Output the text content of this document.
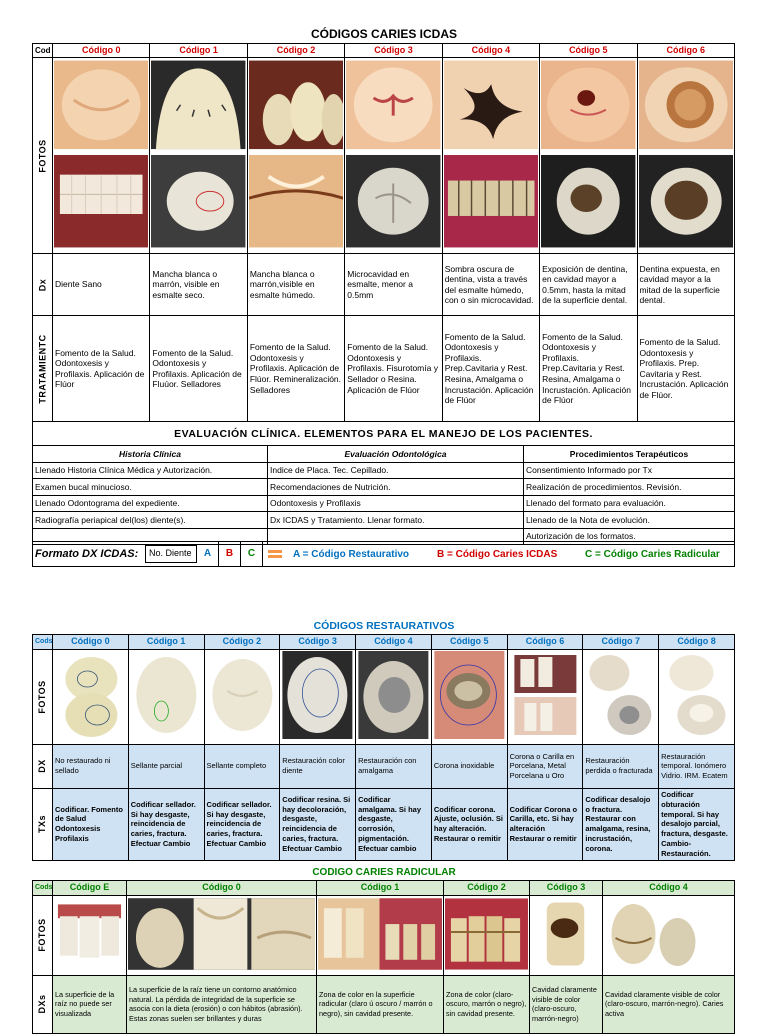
CÓDIGOS CARIES ICDAS
Cod	Código 0	Código 1	Código 2	Código 3	Código 4	Código 5	Código 6

FOTOS

Dx	Diente Sano	Mancha blanca o marrón, visible en esmalte seco.	Mancha blanca o marrón,visible en esmalte húmedo.	Microcavidad en esmalte, menor a 0.5mm	Sombra oscura de dentina, vista a través del esmalte húmedo, con o sin microcavidad.	Exposición de dentina, en cavidad mayor a 0.5mm, hasta la mitad de la superficie dental.	Dentina expuesta, en cavidad mayor a la mitad de la superficie dental.

TRATAMIENTC	Fomento de la Salud. Odontoxesis y Profilaxis. Aplicación de Flúor	Fomento de la Salud. Odontoxesis y Profilaxis. Aplicación de Fluúor. Selladores	Fomento de la Salud. Odontoxesis y Profilaxis. Aplicación de Flúor. Remineralización. Selladores	Fomento de la Salud. Odontoxesis y Profilaxis. Fisurotomía y Sellador o Resina. Aplicación de Flúor	Fomento de la Salud. Odontoxesis y Profilaxis. Prep.Cavitaria y Rest. Resina, Amalgama o Incrustación. Aplicación de Flúor	Fomento de la Salud. Odontoxesis y Profilaxis. Prep.Cavitaria y Rest. Resina, Amalgama o Incrustación. Aplicación de Flúor	Fomento de la Salud. Odontoxesis y Profilaxis. Prep. Cavitaria y Rest. Incrustación. Aplicación de Flúor.
EVALUACIÓN CLÍNICA. ELEMENTOS PARA EL MANEJO DE LOS PACIENTES.		
Historia Clínica	Evaluación Odontológica	Procedimientos Terapéuticos
Llenado Historia Clínica Médica y Autorización.	Indice de Placa. Tec. Cepillado.	Consentimiento Informado por Tx
Examen bucal minucioso.	Recomendaciones de Nutrición.	Realización de procedimientos. Revisión.
Llenado Odontograma del expediente.	Odontoxesis y Profilaxis	Llenado del formato para evaluación.
Radiografía periapical del(los) diente(s).	Dx ICDAS y Tratamiento. Llenar formato.	Llenado de la Nota de evolución.
		Autorización de los formatos.
Formato DX ICDAS:	No. Diente	A	B	C	A = Código Restaurativo	B = Código Caries ICDAS	C = Código Caries Radicular
CÓDIGOS RESTAURATIVOS
Cods	Código 0	Código 1	Código 2	Código 3	Código 4	Código 5	Código 6	Código 7	Código 8

FOTOS

DX	No restaurado ni sellado	Sellante parcial	Sellante completo	Restauración color diente	Restauración con amalgama	Corona inoxidable	Corona o Carilla en Porcelana, Metal Porcelana u Oro	Restauración perdida o fracturada	Restauración temporal. Ionómero Vidrio. IRM. Ecatem

TXs	Codificar. Fomento de Salud Odontoxesis Profilaxis	Codificar sellador. Si hay desgaste, reincidencia de caries, fractura. Efectuar Cambio	Codificar sellador. Si hay desgaste, reincidencia de caries, fractura. Efectuar Cambio	Codificar resina. Si hay decoloración, desgaste, reincidencia de caries, fractura. Efectuar Cambio	Codificar amalgama. Si hay desgaste, corrosión, pigmentación. Efectuar cambio	Codificar corona. Ajuste, oclusión. Si hay alteración. Restaurar o remitir	Codificar Corona o Carilla, etc. Si hay alteración Restaurar o remitir	Codificar desalojo o fractura. Restaurar con amalgama, resina, incrustación, corona.	Codificar obturación temporal. Si hay desalojo parcial, fractura, desgaste. Cambio-Restauración.
CODIGO CARIES RADICULAR
Cods	Código E	Código 0	Código 1	Código 2	Código 3	Código 4

FOTOS

DXs	La superficie de la raíz no puede ser visualizada	La superficie de la raíz tiene un contorno anatómico natural. La pérdida de integridad de la superficie se asocia con la dieta (erosión) o con hábitos (abrasión). Estas zonas suelen ser brillantes y duras	Zona de color en la superficie radicular (claro ú oscuro / marrón o negro), sin cavidad presente.	Zona de color (claro-oscuro, marrón o negro), sin cavidad presente.	Cavidad claramente visible de color (claro-oscuro, marrón-negro)	Cavidad claramente visible de color (claro-oscuro, marrón-negro). Caries activa
